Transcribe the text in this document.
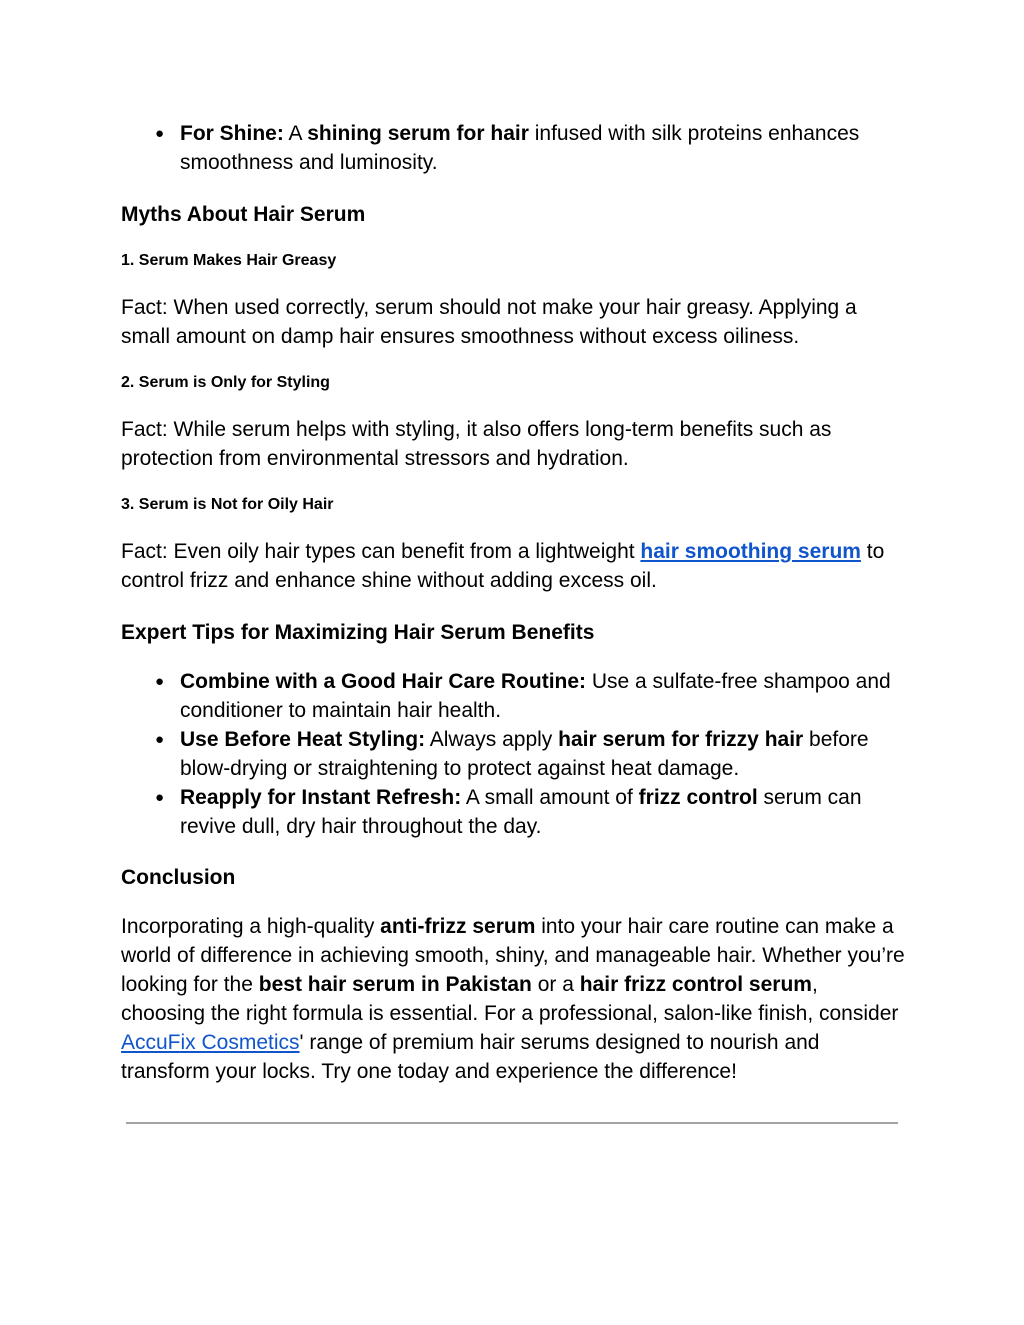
● For Shine: A shining serum for hair infused with silk proteins enhances smoothness and luminosity.
Myths About Hair Serum
1. Serum Makes Hair Greasy

Fact: When used correctly, serum should not make your hair greasy. Applying a small amount on damp hair ensures smoothness without excess oiliness.

2. Serum is Only for Styling

Fact: While serum helps with styling, it also offers long-term benefits such as protection from environmental stressors and hydration.

3. Serum is Not for Oily Hair

Fact: Even oily hair types can benefit from a lightweight hair smoothing serum to control frizz and enhance shine without adding excess oil.

Expert Tips for Maximizing Hair Serum Benefits
● Combine with a Good Hair Care Routine: Use a sulfate-free shampoo and conditioner to maintain hair health.
● Use Before Heat Styling: Always apply hair serum for frizzy hair before blow-drying or straightening to protect against heat damage.
● Reapply for Instant Refresh: A small amount of frizz control serum can revive dull, dry hair throughout the day.
Conclusion

Incorporating a high-quality anti-frizz serum into your hair care routine can make a world of difference in achieving smooth, shiny, and manageable hair. Whether you’re looking for the best hair serum in Pakistan or a hair frizz control serum, choosing the right formula is essential. For a professional, salon-like finish, consider AccuFix Cosmetics' range of premium hair serums designed to nourish and transform your locks. Try one today and experience the difference!
